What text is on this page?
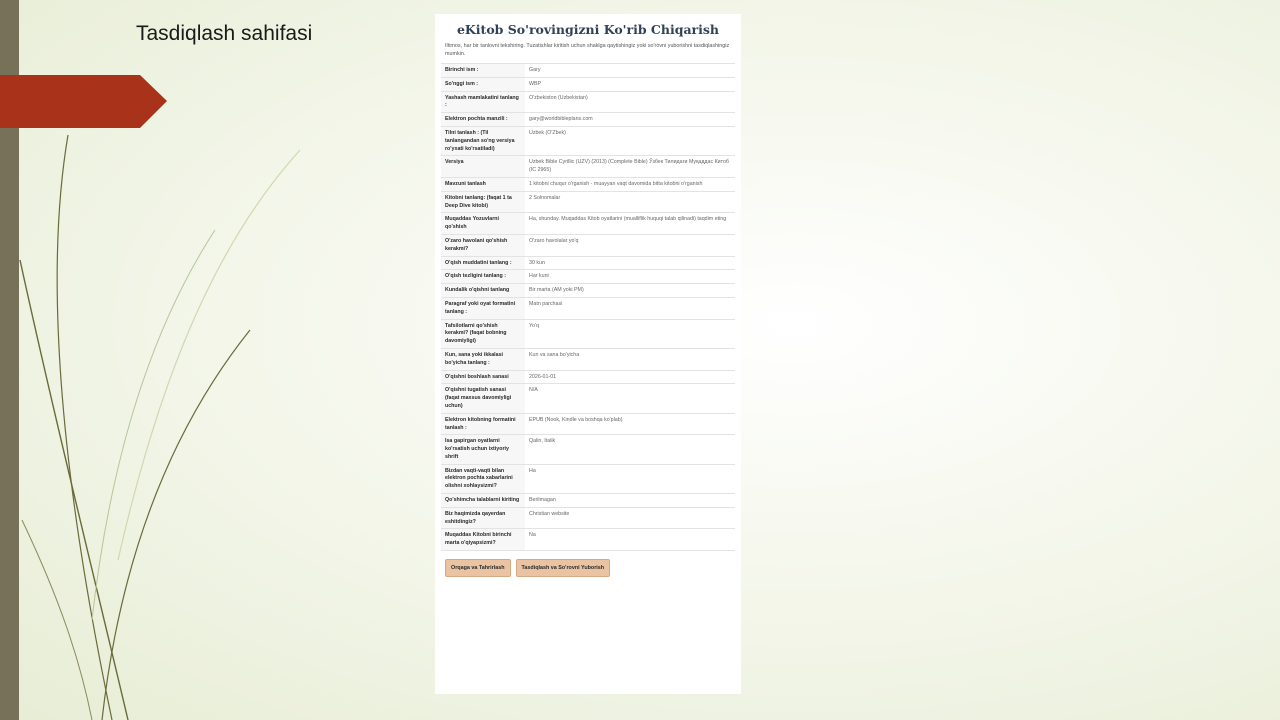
Tasdiqlash sahifasi	eKitob So'rovingizni Ko'rib Chiqarish
Iltimos, har bir tanlovni tekshiring. Tuzatishlar kiritish uchun shaklga qaytishingiz yoki so'rovni yuborishni tasdiqlashingiz mumkin.
Birinchi ism :	Gary
So'nggi ism :	WBP
Yashash mamlakatini tanlang :	O'zbekiston (Uzbekistan)
Elektron pochta manzili :	gary@worldbibleplans.com
Tilni tanlash : (Til tanlangandan so'ng versiya ro'yxati ko'rsatiladi)	Uzbek (O'Zbek)
Versiya	Uzbek Bible Cyrillic (UZV) (2013) (Complete Bible) Ўзбек Тилидаги Муқаддас Китоб (IC 2965)
Mavzuni tanlash	1 kitobni chuqur o'rganish - muayyan vaqt davomida bitta kitobni o'rganish
Kitobni tanlang: (faqat 1 ta Deep Dive kitobi)	2 Solnomalar
Muqaddas Yozuvlarni qo'shish	Ha, shunday. Muqaddas Kitob oyatlarini (mualliflik huquqi talab qilinadi) taqdim eting
O'zaro havolani qo'shish kerakmi?	O'zaro havolalar yo'q
O'qish muddatini tanlang :	30 kun
O'qish tezligini tanlang :	Har kuni
Kundalik o'qishni tanlang	Bir marta (AM yoki PM)
Paragraf yoki oyat formatini tanlang :	Matn parchasi
Tafsilotlarni qo'shish kerakmi? (faqat bobning davomiyligi)	Yo'q
Kun, sana yoki ikkalasi bo'yicha tanlang :	Kun va sana bo'yicha
O'qishni boshlash sanasi	2026-01-01
O'qishni tugatish sanasi (faqat maxsus davomiyligi uchun)	N/A
Elektron kitobning formatini tanlash :	EPUB (Nook, Kindle va boshqa ko'plab)
Isa gapirgan oyatlarni ko'rsatish uchun ixtiyoriy shrift	Qalin, Italik
Bizdan vaqti-vaqti bilan elektron pochta xabarlarini olishni xohlaysizmi?	Ha
Qo'shimcha talablarni kiriting	Berilmagan
Biz haqimizda qayerdan eshitdingiz?	Christian website
Muqaddas Kitobni birinchi marta o'qiyapsizmi?	Na
Orqaga va Tahrirlash	Tasdiqlash va So'rovni Yuborish
